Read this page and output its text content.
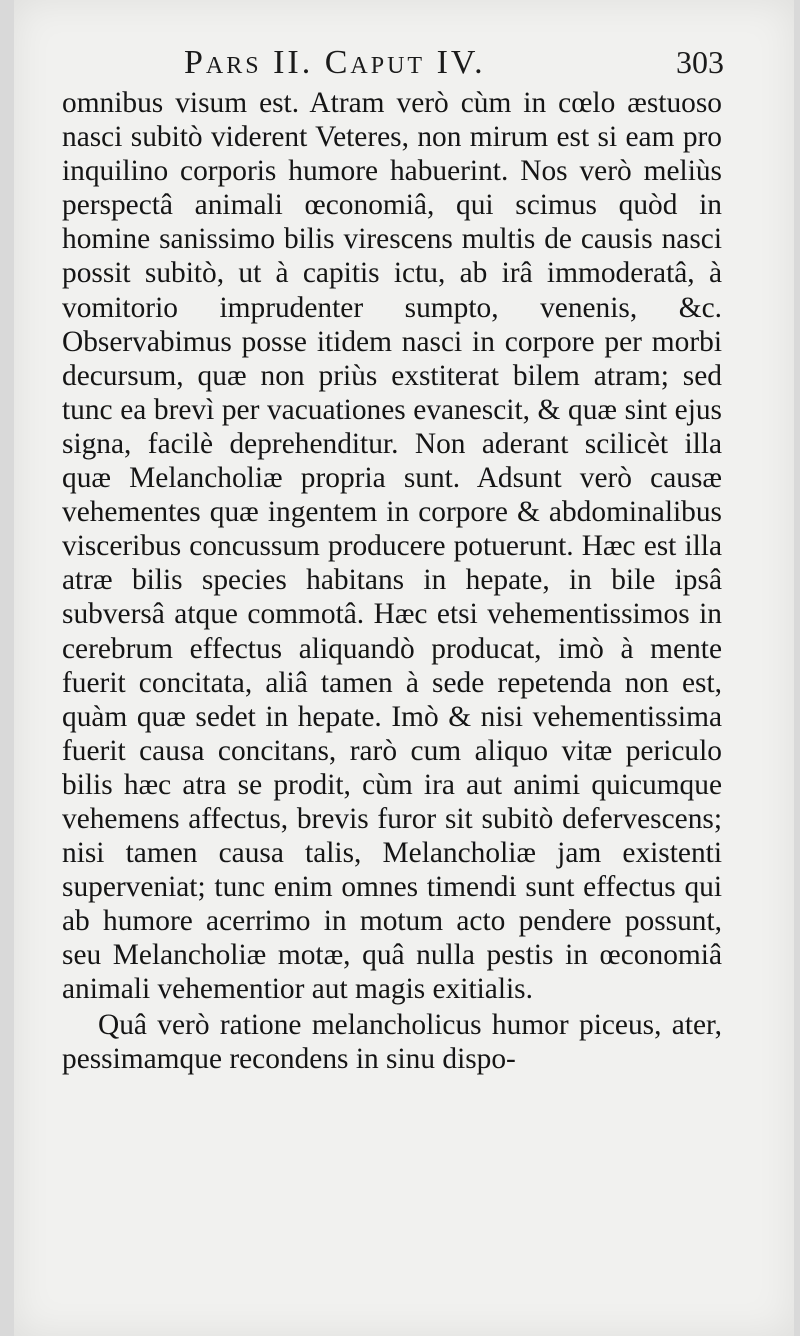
Pars II. Caput IV.	303

omnibus visum est. Atram verò cùm in cœlo æstuoso nasci subitò viderent Veteres, non mirum est si eam pro inquilino corporis humore habuerint. Nos verò meliùs perspectâ animali œconomiâ, qui scimus quòd in homine sanissimo bilis virescens multis de causis nasci possit subitò, ut à capitis ictu, ab irâ immoderatâ, à vomitorio imprudenter sumpto, venenis, &c. Observabimus posse itidem nasci in corpore per morbi decursum, quæ non priùs exstiterat bilem atram; sed tunc ea brevì per vacuationes evanescit, & quæ sint ejus signa, facilè deprehenditur. Non aderant scilicèt illa quæ Melancholiæ propria sunt. Adsunt verò causæ vehementes quæ ingentem in corpore & abdominalibus visceribus concussum producere potuerunt. Hæc est illa atræ bilis species habitans in hepate, in bile ipsâ subversâ atque commotâ. Hæc etsi vehementissimos in cerebrum effectus aliquandò producat, imò à mente fuerit concitata, aliâ tamen à sede repetenda non est, quàm quæ sedet in hepate. Imò & nisi vehementissima fuerit causa concitans, rarò cum aliquo vitæ periculo bilis hæc atra se prodit, cùm ira aut animi quicumque vehemens affectus, brevis furor sit subitò defervescens; nisi tamen causa talis, Melancholiæ jam existenti superveniat; tunc enim omnes timendi sunt effectus qui ab humore acerrimo in motum acto pendere possunt, seu Melancholiæ motæ, quâ nulla pestis in œconomiâ animali vehementior aut magis exitialis.

Quâ verò ratione melancholicus humor piceus, ater, pessimamque recondens in sinu dispo-
